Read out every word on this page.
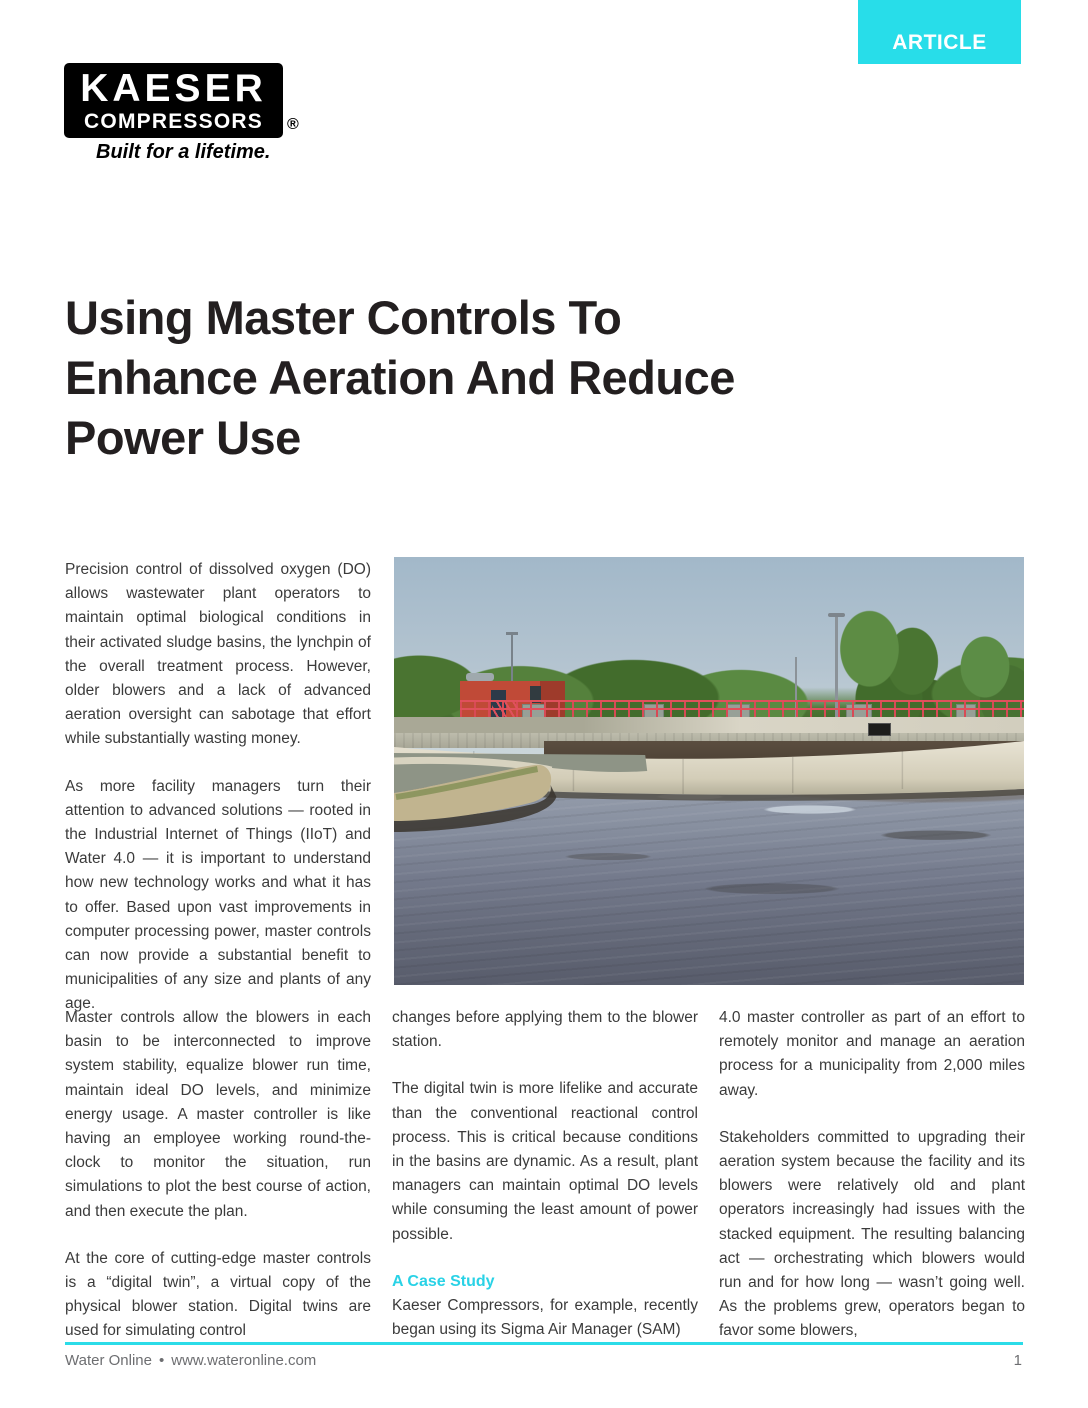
ARTICLE
KAESER
COMPRESSORS ®
Built for a lifetime.
Using Master Controls To
Enhance Aeration And Reduce
Power Use

Precision control of dissolved oxygen (DO) allows wastewater plant operators to maintain optimal biological conditions in their activated sludge basins, the lynchpin of the overall treatment process. However, older blowers and a lack of advanced aeration oversight can sabotage that effort while substantially wasting money.

As more facility managers turn their attention to advanced solutions — rooted in the Industrial Internet of Things (IIoT) and Water 4.0 — it is important to understand how new technology works and what it has to offer. Based upon vast improvements in computer processing power, master controls can now provide a substantial benefit to municipalities of any size and plants of any age.

Master controls allow the blowers in each basin to be interconnected to improve system stability, equalize blower run time, maintain ideal DO levels, and minimize energy usage. A master controller is like having an employee working round-the-clock to monitor the situation, run simulations to plot the best course of action, and then execute the plan.

At the core of cutting-edge master controls is a “digital twin”, a virtual copy of the physical blower station. Digital twins are used for simulating control

changes before applying them to the blower station.

The digital twin is more lifelike and accurate than the conventional reactional control process. This is critical because conditions in the basins are dynamic. As a result, plant managers can maintain optimal DO levels while consuming the least amount of power possible.

A Case Study

Kaeser Compressors, for example, recently began using its Sigma Air Manager (SAM)

4.0 master controller as part of an effort to remotely monitor and manage an aeration process for a municipality from 2,000 miles away.

Stakeholders committed to upgrading their aeration system because the facility and its blowers were relatively old and plant operators increasingly had issues with the stacked equipment. The resulting balancing act — orchestrating which blowers would run and for how long — wasn’t going well. As the problems grew, operators began to favor some blowers,

Water Online • www.wateronline.com	1
